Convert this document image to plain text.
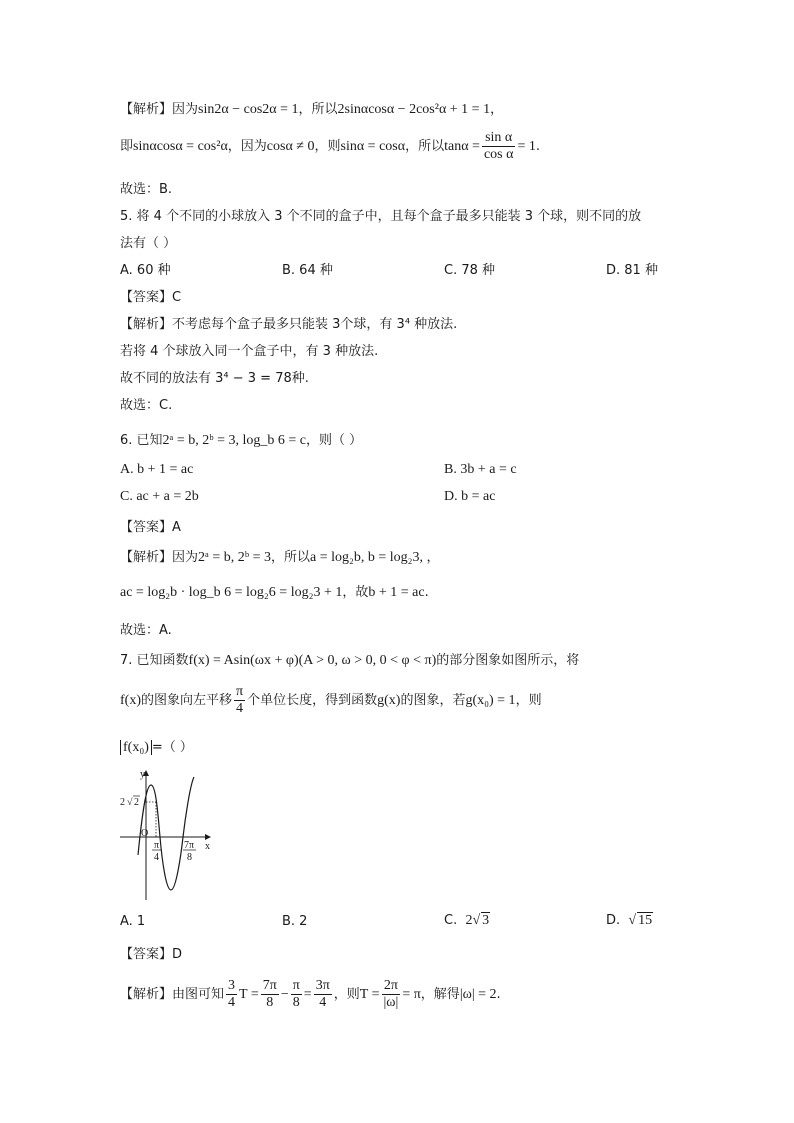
【解析】因为sin2α − cos2α = 1，所以2sinαcosα − 2cos²α + 1 = 1，
即sinαcosα = cos²α，因为cosα ≠ 0，则sinα = cosα，所以$\tan\alpha = \frac{\text{sin α}}{\text{cos α}} = 1$.
故选：B.
5. 将 4 个不同的小球放入 3 个不同的盒子中，且每个盒子最多只能装 3 个球，则不同的放
法有（ ）
A. 60 种	B. 64 种	C. 78 种	D. 81 种
【答案】C
【解析】不考虑每个盒子最多只能装 3个球，有 3⁴ 种放法.
若将 4 个球放入同一个盒子中，有 3 种放法.
故不同的放法有 3⁴ − 3 = 78种.
故选：C.
6. 已知2ᵃ = b, 2ᵇ = 3, log_b 6 = c，则（ ）
A. b + 1 = ac	B. 3b + a = c
C. ac + a = 2b	D. b = ac
【答案】A
【解析】因为2ᵃ = b, 2ᵇ = 3，所以a = log₂b, b = log₂3, ，
ac = log₂b · log_b 6 = log₂6 = log₂3 + 1，故b + 1 = ac.
故选：A.
7. 已知函数f(x) = Asin(ωx + φ)(A > 0, ω > 0, 0 < φ < π)的部分图象如图所示，将
f(x)的图象向左平移 $\frac{\pi}{4}$ 个单位长度，得到函数g(x)的图象，若g(x₀) = 1，则
f(x₀) =（ ）
y
x
O
2 √ 2
π
4
7π
8
A. 1	B. 2	C. 2√ 3	D. √ 15
【答案】D
【解析】由图可知 $\frac{3}{4}$ $T = \frac{7\pi}{8} - \frac{\pi}{8} = \frac{3\pi}{4}$ ，则$T = \frac{2\pi}{|\omega|} = \pi$，解得|ω| = 2.
